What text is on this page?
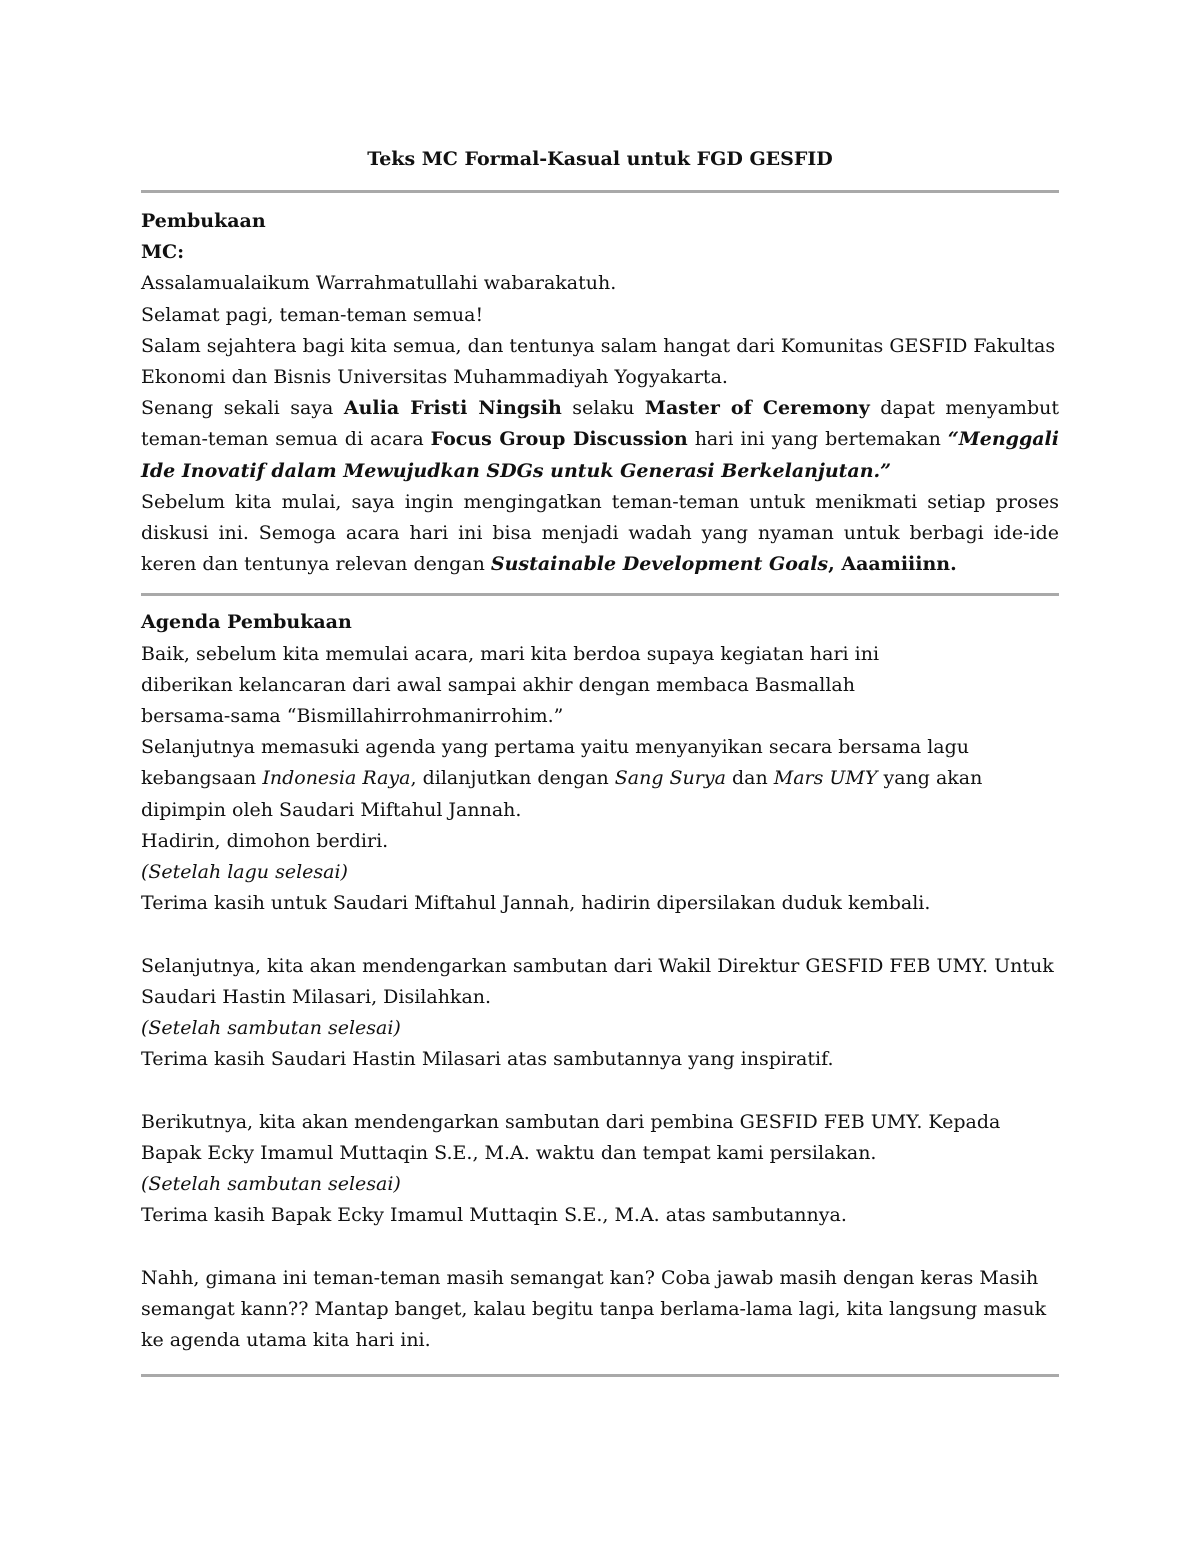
Teks MC Formal-Kasual untuk FGD GESFID

Pembukaan

MC:

Assalamualaikum Warrahmatullahi wabarakatuh.

Selamat pagi, teman-teman semua!

Salam sejahtera bagi kita semua, dan tentunya salam hangat dari Komunitas GESFID Fakultas Ekonomi dan Bisnis Universitas Muhammadiyah Yogyakarta.

Senang sekali saya Aulia Fristi Ningsih selaku Master of Ceremony dapat menyambut teman-teman semua di acara Focus Group Discussion hari ini yang bertemakan “Menggali Ide Inovatif dalam Mewujudkan SDGs untuk Generasi Berkelanjutan.”

Sebelum kita mulai, saya ingin mengingatkan teman-teman untuk menikmati setiap proses diskusi ini. Semoga acara hari ini bisa menjadi wadah yang nyaman untuk berbagi ide-ide keren dan tentunya relevan dengan Sustainable Development Goals, Aaamiiinn.

Agenda Pembukaan

Baik, sebelum kita memulai acara, mari kita berdoa supaya kegiatan hari ini diberikan kelancaran dari awal sampai akhir dengan membaca Basmallah bersama-sama “Bismillahirrohmanirrohim.”

Selanjutnya memasuki agenda yang pertama yaitu menyanyikan secara bersama lagu kebangsaan Indonesia Raya, dilanjutkan dengan Sang Surya dan Mars UMY yang akan dipimpin oleh Saudari Miftahul Jannah.

Hadirin, dimohon berdiri.

(Setelah lagu selesai)

Terima kasih untuk Saudari Miftahul Jannah, hadirin dipersilakan duduk kembali.

Selanjutnya, kita akan mendengarkan sambutan dari Wakil Direktur GESFID FEB UMY. Untuk Saudari Hastin Milasari, Disilahkan.

(Setelah sambutan selesai)

Terima kasih Saudari Hastin Milasari atas sambutannya yang inspiratif.

Berikutnya, kita akan mendengarkan sambutan dari pembina GESFID FEB UMY. Kepada Bapak Ecky Imamul Muttaqin S.E., M.A. waktu dan tempat kami persilakan.

(Setelah sambutan selesai)

Terima kasih Bapak Ecky Imamul Muttaqin S.E., M.A. atas sambutannya.

Nahh, gimana ini teman-teman masih semangat kan? Coba jawab masih dengan keras Masih semangat kann?? Mantap banget, kalau begitu tanpa berlama-lama lagi, kita langsung masuk ke agenda utama kita hari ini.
